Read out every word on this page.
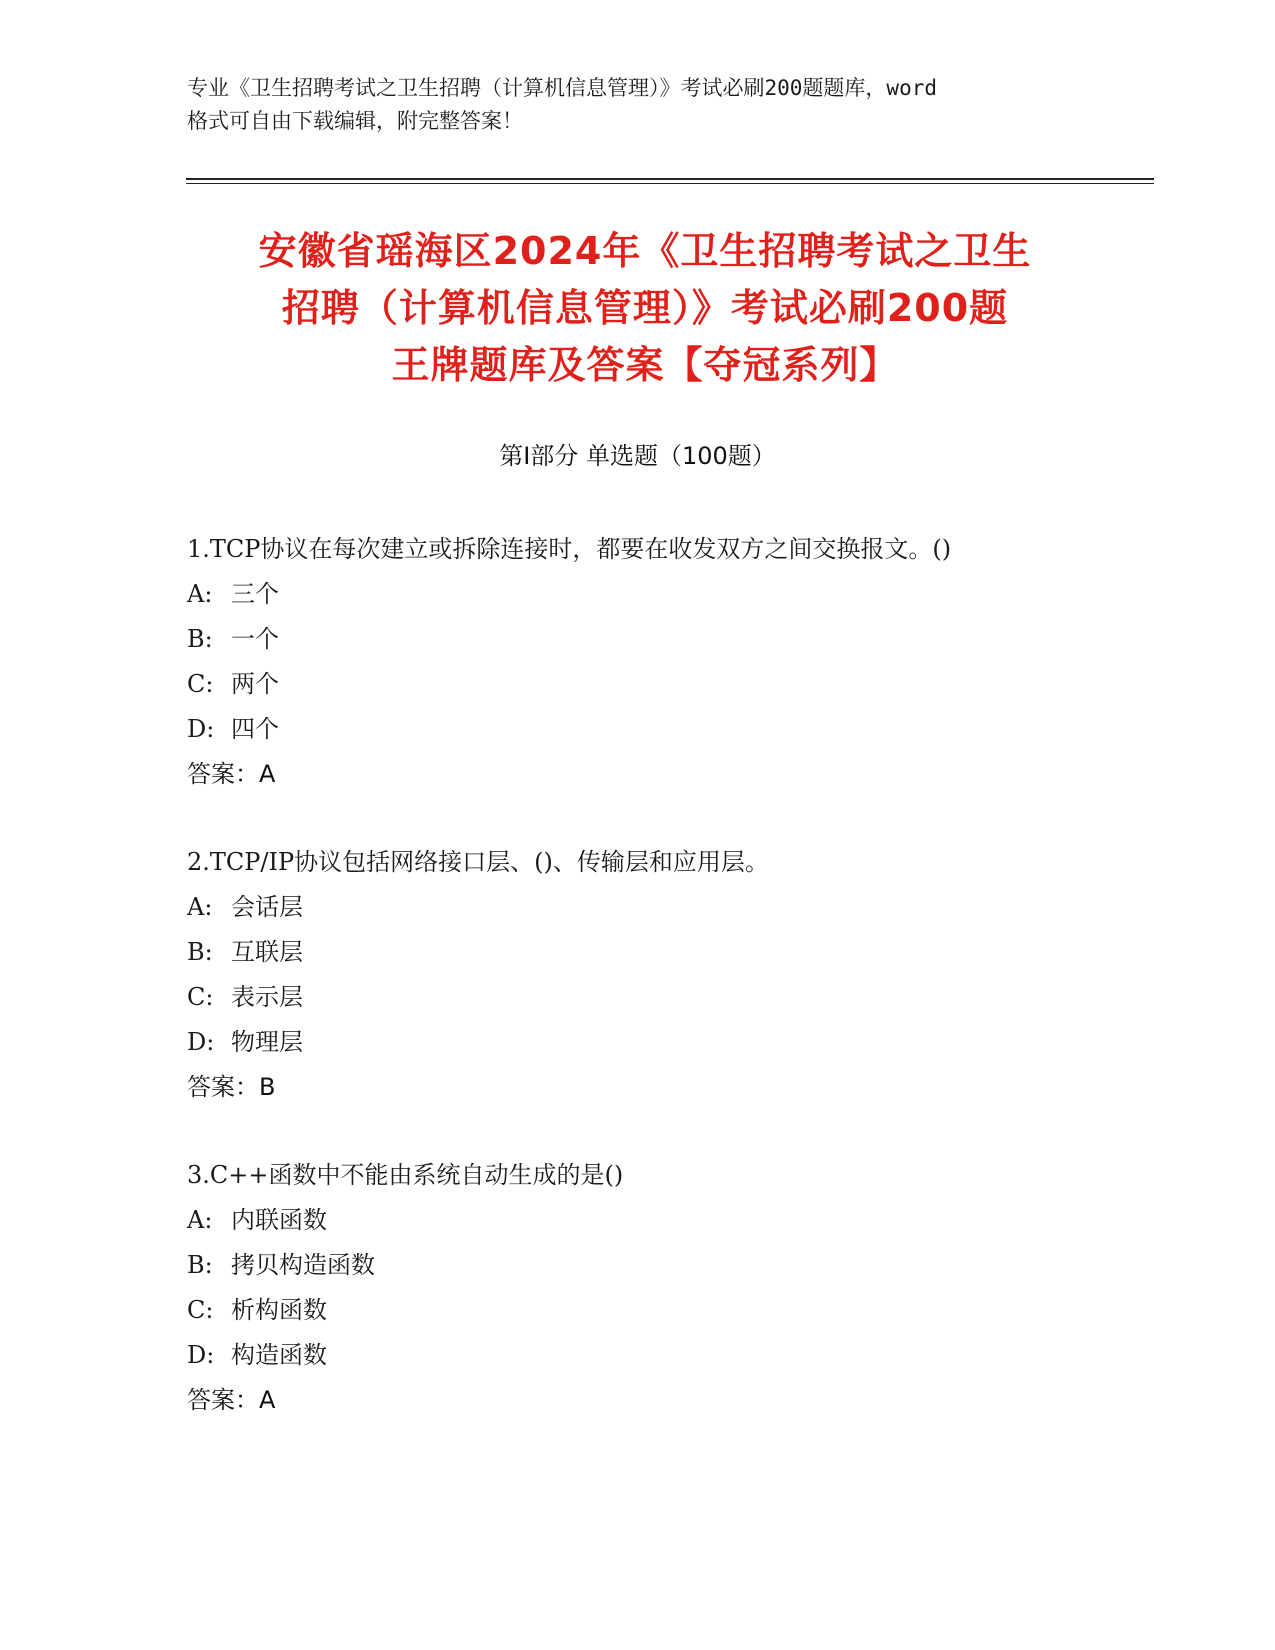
专业《卫生招聘考试之卫生招聘（计算机信息管理）》考试必刷200题题库，word
格式可自由下载编辑，附完整答案！
安徽省瑶海区2024年《卫生招聘考试之卫生
招聘（计算机信息管理）》考试必刷200题
王牌题库及答案【夺冠系列】
第Ⅰ部分 单选题（100题）
1.TCP协议在每次建立或拆除连接时，都要在收发双方之间交换报文。()
A: 三个
B: 一个
C: 两个
D: 四个
答案：A
2.TCP/IP协议包括网络接口层、()、传输层和应用层。
A: 会话层
B: 互联层
C: 表示层
D: 物理层
答案：B
3.C++函数中不能由系统自动生成的是()
A: 内联函数
B: 拷贝构造函数
C: 析构函数
D: 构造函数
答案：A
